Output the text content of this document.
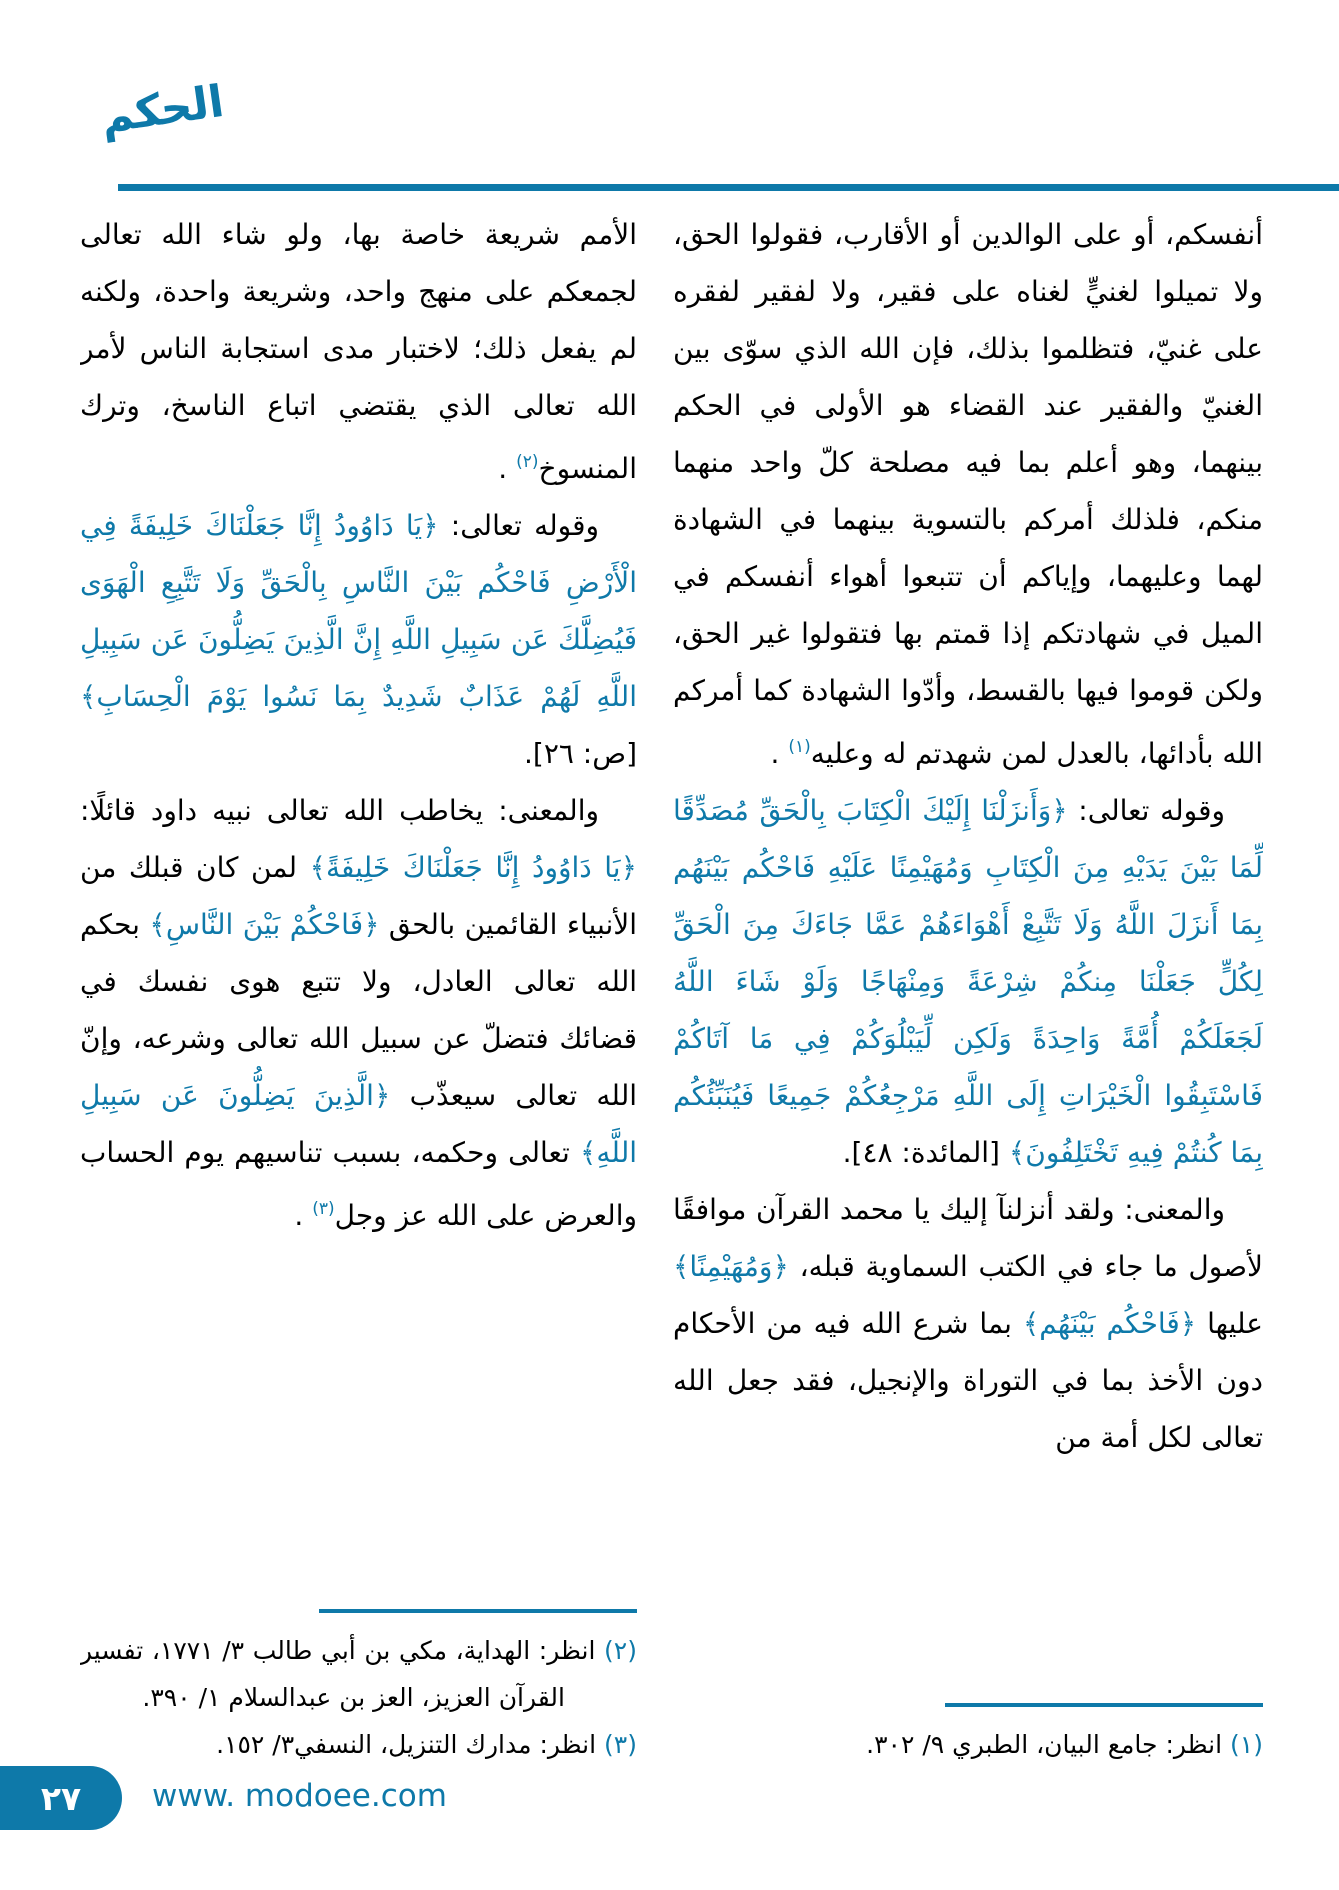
الحكم
أنفسكم، أو على الوالدين أو الأقارب، فقولوا الحق، ولا تميلوا لغنيٍّ لغناه على فقير، ولا لفقير لفقره على غنيّ، فتظلموا بذلك، فإن الله الذي سوّى بين الغنيّ والفقير عند القضاء هو الأولى في الحكم بينهما، وهو أعلم بما فيه مصلحة كلّ واحد منهما منكم، فلذلك أمركم بالتسوية بينهما في الشهادة لهما وعليهما، وإياكم أن تتبعوا أهواء أنفسكم في الميل في شهادتكم إذا قمتم بها فتقولوا غير الحق، ولكن قوموا فيها بالقسط، وأدّوا الشهادة كما أمركم الله بأدائها، بالعدل لمن شهدتم له وعليه$^{(١)}$ .
وقوله تعالى: ﴿وَأَنزَلْنَا إِلَيْكَ الْكِتَابَ بِالْحَقِّ مُصَدِّقًا لِّمَا بَيْنَ يَدَيْهِ مِنَ الْكِتَابِ وَمُهَيْمِنًا عَلَيْهِ فَاحْكُم بَيْنَهُم بِمَا أَنزَلَ اللَّهُ وَلَا تَتَّبِعْ أَهْوَاءَهُمْ عَمَّا جَاءَكَ مِنَ الْحَقِّ لِكُلٍّ جَعَلْنَا مِنكُمْ شِرْعَةً وَمِنْهَاجًا وَلَوْ شَاءَ اللَّهُ لَجَعَلَكُمْ أُمَّةً وَاحِدَةً وَلَكِن لِّيَبْلُوَكُمْ فِي مَا آتَاكُمْ فَاسْتَبِقُوا الْخَيْرَاتِ إِلَى اللَّهِ مَرْجِعُكُمْ جَمِيعًا فَيُنَبِّئُكُم بِمَا كُنتُمْ فِيهِ تَخْتَلِفُونَ﴾ [المائدة: ٤٨].
والمعنى: ولقد أنزلنآ إليك يا محمد القرآن موافقًا لأصول ما جاء في الكتب السماوية قبله، ﴿وَمُهَيْمِنًا﴾ عليها ﴿فَاحْكُم بَيْنَهُم﴾ بما شرع الله فيه من الأحكام دون الأخذ بما في التوراة والإنجيل، فقد جعل الله تعالى لكل أمة من
(١) انظر: جامع البيان، الطبري ٩/ ٣٠٢.
الأمم شريعة خاصة بها، ولو شاء الله تعالى لجمعكم على منهج واحد، وشريعة واحدة، ولكنه لم يفعل ذلك؛ لاختبار مدى استجابة الناس لأمر الله تعالى الذي يقتضي اتباع الناسخ، وترك المنسوخ$^{(٢)}$ .
وقوله تعالى: ﴿يَا دَاوُودُ إِنَّا جَعَلْنَاكَ خَلِيفَةً فِي الْأَرْضِ فَاحْكُم بَيْنَ النَّاسِ بِالْحَقِّ وَلَا تَتَّبِعِ الْهَوَى فَيُضِلَّكَ عَن سَبِيلِ اللَّهِ إِنَّ الَّذِينَ يَضِلُّونَ عَن سَبِيلِ اللَّهِ لَهُمْ عَذَابٌ شَدِيدٌ بِمَا نَسُوا يَوْمَ الْحِسَابِ﴾ [ص: ٢٦].
والمعنى: يخاطب الله تعالى نبيه داود قائلًا: ﴿يَا دَاوُودُ إِنَّا جَعَلْنَاكَ خَلِيفَةً﴾ لمن كان قبلك من الأنبياء القائمين بالحق ﴿فَاحْكُمْ بَيْنَ النَّاسِ﴾ بحكم الله تعالى العادل، ولا تتبع هوى نفسك في قضائك فتضلّ عن سبيل الله تعالى وشرعه، وإنّ الله تعالى سيعذّب ﴿الَّذِينَ يَضِلُّونَ عَن سَبِيلِ اللَّهِ﴾ تعالى وحكمه، بسبب تناسيهم يوم الحساب والعرض على الله عز وجل$^{(٣)}$ .
(٢) انظر: الهداية، مكي بن أبي طالب ٣/ ١٧٧١، تفسير القرآن العزيز، العز بن عبدالسلام ١/ ٣٩٠.
(٣) انظر: مدارك التنزيل، النسفي٣/ ١٥٢.
٢٧ www. modoee.com
